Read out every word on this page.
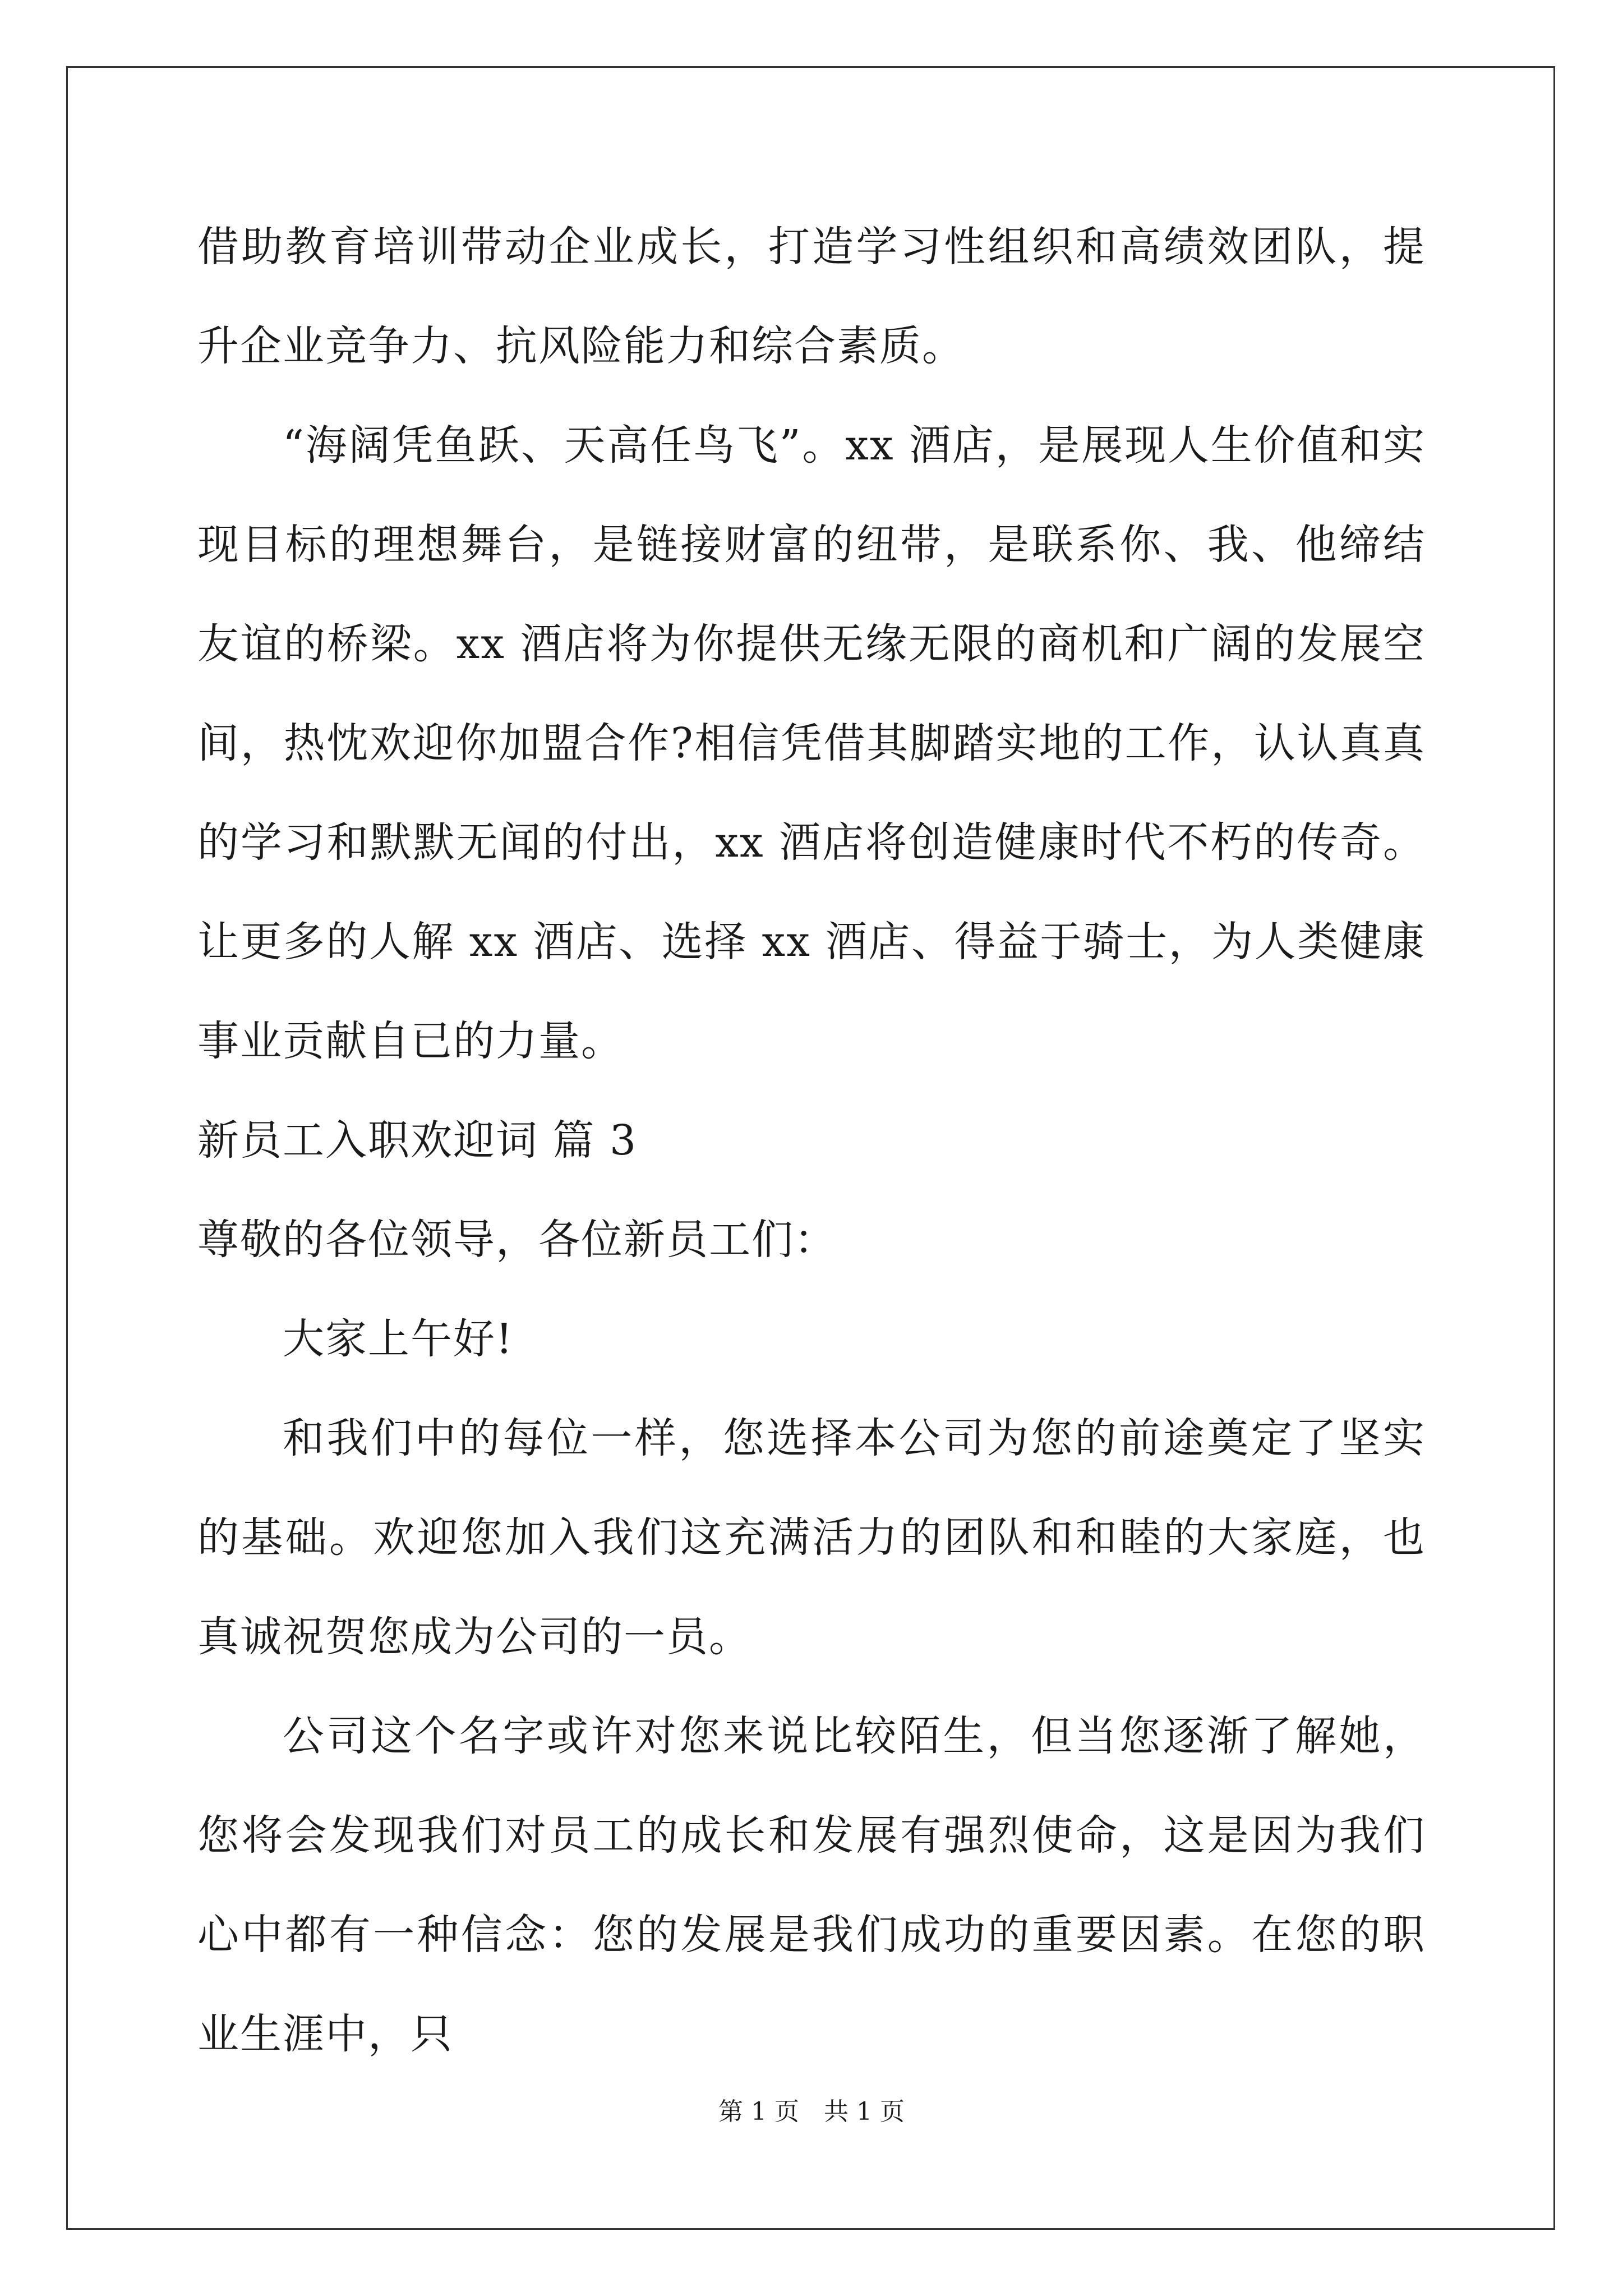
借助教育培训带动企业成长，打造学习性组织和高绩效团队，提升企业竞争力、抗风险能力和综合素质。

“海阔凭鱼跃、天高任鸟飞”。xx 酒店，是展现人生价值和实现目标的理想舞台，是链接财富的纽带，是联系你、我、他缔结友谊的桥梁。xx 酒店将为你提供无缘无限的商机和广阔的发展空间，热忱欢迎你加盟合作?相信凭借其脚踏实地的工作，认认真真的学习和默默无闻的付出，xx 酒店将创造健康时代不朽的传奇。让更多的人解 xx 酒店、选择 xx 酒店、得益于骑士，为人类健康事业贡献自已的力量。

新员工入职欢迎词 篇 3

尊敬的各位领导，各位新员工们：

大家上午好!

和我们中的每位一样，您选择本公司为您的前途奠定了坚实的基础。欢迎您加入我们这充满活力的团队和和睦的大家庭，也真诚祝贺您成为公司的一员。

公司这个名字或许对您来说比较陌生，但当您逐渐了解她，您将会发现我们对员工的成长和发展有强烈使命，这是因为我们心中都有一种信念：您的发展是我们成功的重要因素。在您的职业生涯中，只

第 1 页　共 1 页
